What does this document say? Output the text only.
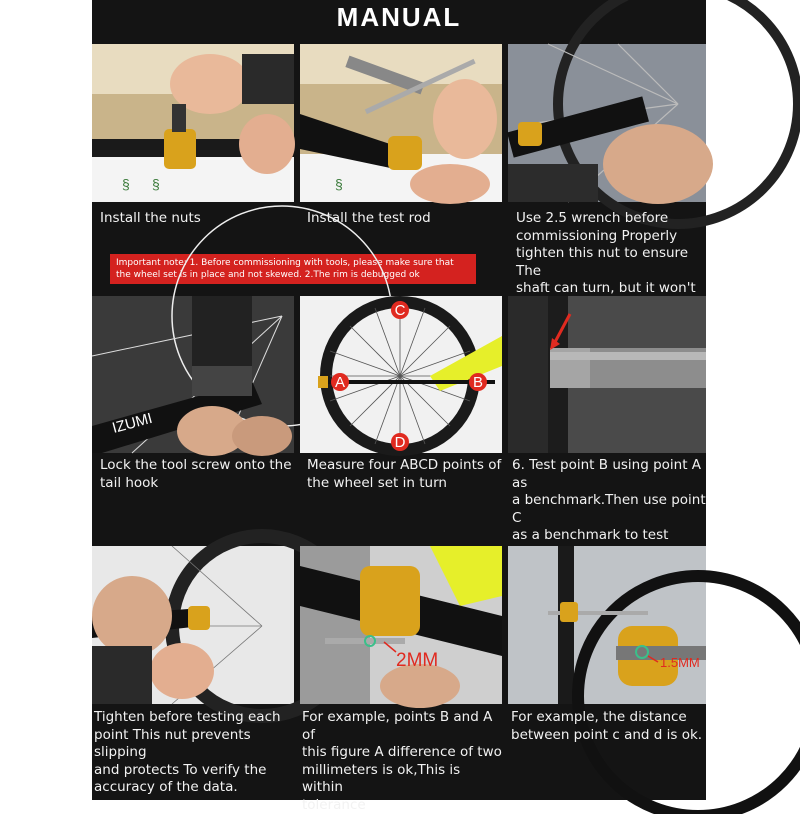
MANUAL
§ §	§
Install the nuts	Install the test rod	Use 2.5 wrench before
commissioning Properly
tighten this nut to ensure The
shaft can turn, but it won't

Important note: 1. Before commissioning with tools, please make sure that the wheel set is in place and not skewed. 2.The rim is debugged ok
IZUMI
C
A	B
D
Lock the tool screw onto the
tail hook
Measure four ABCD points of
the wheel set in turn
6. Test point B using point A as
a benchmark.Then use point C
as a benchmark to test

2MM	1.5MM
Tighten before testing each
point This nut prevents slipping
and protects To verify the
accuracy of the data.
For example, points B and A of
this figure A difference of two
millimeters is ok,This is within
tolerance
For example, the distance
between point c and d is ok.
